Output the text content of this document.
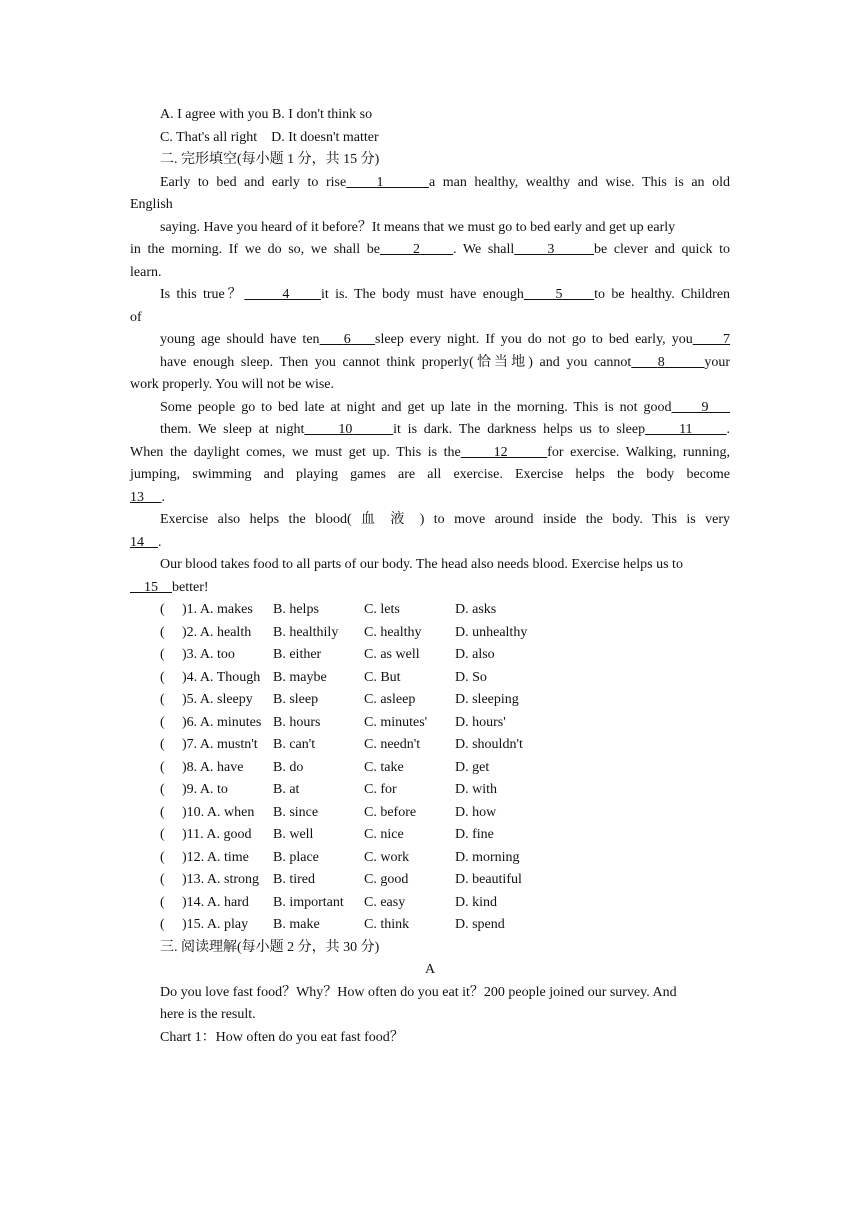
A. I agree with you B. I don't think so
C. That's all right    D. It doesn't matter
二. 完形填空(每小题 1 分，共 15 分)
Early to bed and early to rise 1	a man healthy, wealthy and wise. This is an old
English
saying. Have you heard of it before？It means that we must go to bed early and get up early
in the morning. If we do so, we shall be 2 . We shall 3	be clever and quick to
learn.
Is this true？	4 it is. The body must have enough 5 to be healthy. Children
of
young age should have ten 6 sleep every night. If you do not go to bed early, you 7
have enough sleep. Then you cannot think properly(恰当地) and you cannot 8	your
work properly. You will not be wise.
Some people go to bed late at night and get up late in the morning. This is not good 9
them. We sleep at night 10	it is dark. The darkness helps us to sleep 11 .
When the daylight comes, we must get up. This is the 12	for exercise. Walking, running,
jumping, swimming and playing games are all exercise. Exercise helps the body become
13 .
Exercise also helps the blood( 血 液 ) to move around inside the body. This is very
14 .
Our blood takes food to all parts of our body. The head also needs blood. Exercise helps us to
15 better!
(	)1. A. makes	B. helps	C. lets	D. asks
(	)2. A. health	B. healthily	C. healthy	D. unhealthy
(	)3. A. too	B. either	C. as well	D. also
(	)4. A. Though	B. maybe	C. But	D. So
(	)5. A. sleepy	B. sleep	C. asleep	D. sleeping
(	)6. A. minutes	B. hours	C. minutes'	D. hours'
(	)7. A. mustn't	B. can't	C. needn't	D. shouldn't
(	)8. A. have	B. do	C. take	D. get
(	)9. A. to	B. at	C. for	D. with
(	)10. A. when	B. since	C. before	D. how
(	)11. A. good	B. well	C. nice	D. fine
(	)12. A. time	B. place	C. work	D. morning
(	)13. A. strong	B. tired	C. good	D. beautiful
(	)14. A. hard	B. important	C. easy	D. kind
(	)15. A. play	B. make	C. think	D. spend
三. 阅读理解(每小题 2 分，共 30 分)
A
Do you love fast food？Why？How often do you eat it？200 people joined our survey. And
here is the result.
Chart 1：How often do you eat fast food？
